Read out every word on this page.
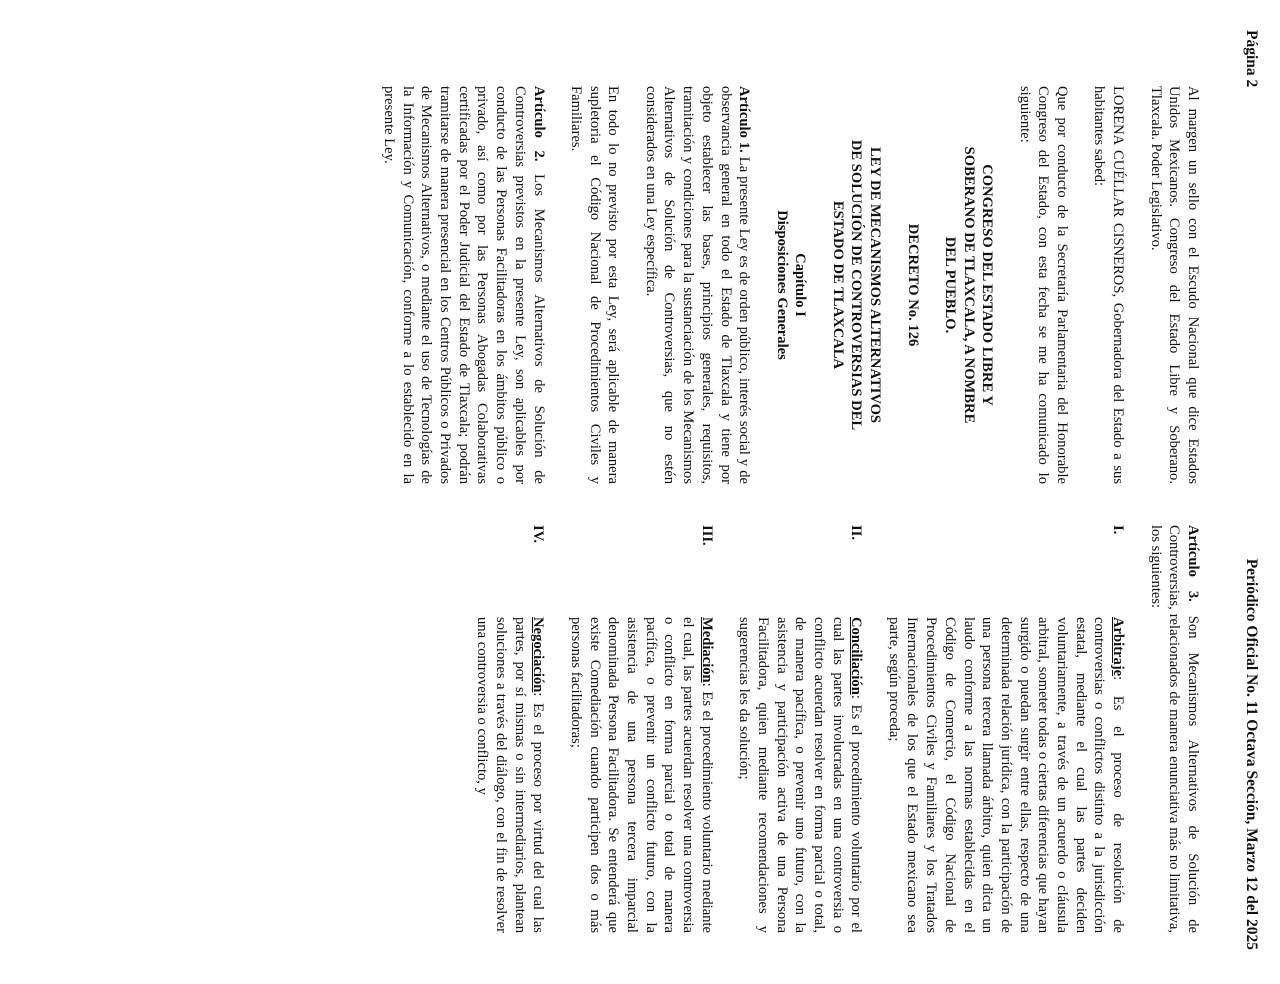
Página 2
Periódico Oficial No. 11 Octava Sección, Marzo 12 del 2025

Al margen un sello con el Escudo Nacional que dice Estados Unidos Mexicanos. Congreso del Estado Libre y Soberano. Tlaxcala. Poder Legislativo.

LORENA CUÉLLAR CISNEROS, Gobernadora del Estado a sus habitantes sabed:

Que por conducto de la Secretaría Parlamentaria del Honorable Congreso del Estado, con esta fecha se me ha comunicado lo siguiente:

CONGRESO DEL ESTADO LIBRE Y
SOBERANO DE TLAXCALA, A NOMBRE
DEL PUEBLO.
DECRETO No. 126
LEY DE MECANISMOS ALTERNATIVOS
DE SOLUCIÓN DE CONTROVERSIAS DEL
ESTADO DE TLAXCALA
Capítulo I
Disposiciones Generales

Artículo 1. La presente Ley es de orden público, interés social y de observancia general en todo el Estado de Tlaxcala y tiene por objeto establecer las bases, principios generales, requisitos, tramitación y condiciones para la sustanciación de los Mecanismos Alternativos de Solución de Controversias, que no estén considerados en una Ley específica.

En todo lo no previsto por esta Ley, será aplicable de manera supletoria el Código Nacional de Procedimientos Civiles y Familiares.

Artículo 2. Los Mecanismos Alternativos de Solución de Controversias previstos en la presente Ley, son aplicables por conducto de las Personas Facilitadoras en los ámbitos público o privado, así como por las Personas Abogadas Colaborativas certificadas por el Poder Judicial del Estado de Tlaxcala; podrán tramitarse de manera presencial en los Centros Públicos o Privados de Mecanismos Alternativos, o mediante el uso de Tecnologías de la Información y Comunicación, conforme a lo establecido en la presente Ley.

Artículo 3. Son Mecanismos Alternativos de Solución de Controversias, relacionados de manera enunciativa más no limitativa, los siguientes:

I.
Arbitraje: Es el proceso de resolución de controversias o conflictos distinto a la jurisdicción estatal, mediante el cual las partes deciden voluntariamente, a través de un acuerdo o cláusula arbitral, someter todas o ciertas diferencias que hayan surgido o puedan surgir entre ellas, respecto de una determinada relación jurídica, con la participación de una persona tercera llamada árbitro, quien dicta un laudo conforme a las normas establecidas en el Código de Comercio, el Código Nacional de Procedimientos Civiles y Familiares y los Tratados Internacionales de los que el Estado mexicano sea parte, según proceda;
II.
Conciliación: Es el procedimiento voluntario por el cual las partes involucradas en una controversia o conflicto acuerdan resolver en forma parcial o total, de manera pacífica, o prevenir uno futuro, con la asistencia y participación activa de una Persona Facilitadora, quien mediante recomendaciones y sugerencias les da solución;
III.
Mediación: Es el procedimiento voluntario mediante el cual, las partes acuerdan resolver una controversia o conflicto en forma parcial o total de manera pacífica, o prevenir un conflicto futuro, con la asistencia de una persona tercera imparcial denominada Persona Facilitadora. Se entenderá que existe Comediación cuando participen dos o más personas facilitadoras;
IV.
Negociación: Es el proceso por virtud del cual las partes, por sí mismas o sin intermediarios, plantean soluciones a través del diálogo, con el fin de resolver una controversia o conflicto, y
